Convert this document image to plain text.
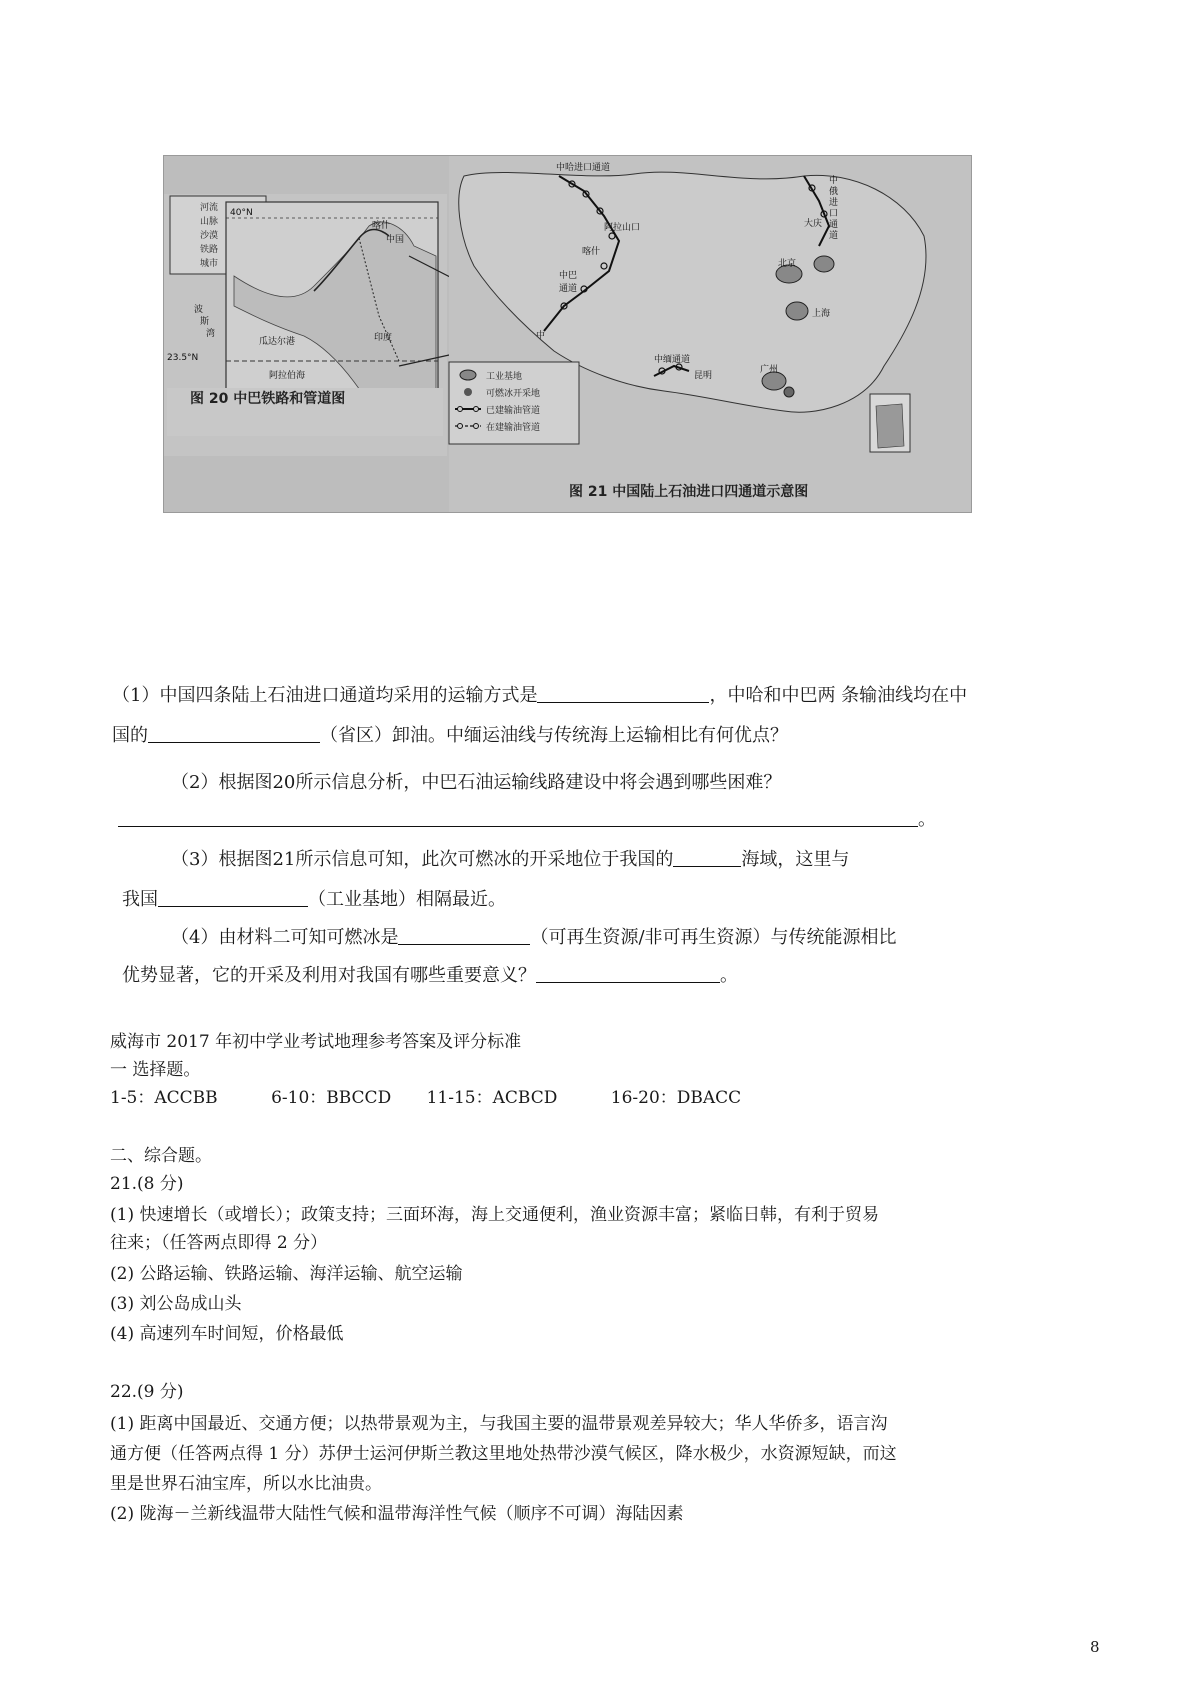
河流
山脉
沙漠
铁路
城市
40°N
喀什
中国
波
斯
湾
瓜达尔港	印度
23.5°N
阿拉伯海
图 20 中巴铁路和管道图
中哈进口通道
阿拉山口
喀什
中巴通道
中
中俄进口通道
大庆
北京
上海
中缅通道
昆明
广州
工业基地
可燃冰开采地
已建输油管道
在建输油管道
图 21 中国陆上石油进口四通道示意图
（1）中国四条陆上石油进口通道均采用的运输方式是	，中哈和中巴两 条输油线均在中
国的	（省区）卸油。中缅运油线与传统海上运输相比有何优点？
（2）根据图20所示信息分析，中巴石油运输线路建设中将会遇到哪些困难？
。
（3）根据图21所示信息可知，此次可燃冰的开采地位于我国的	海域，这里与
我国	（工业基地）相隔最近。
（4）由材料二可知可燃冰是	（可再生资源/非可再生资源）与传统能源相比
优势显著，它的开采及利用对我国有哪些重要意义？	。
威海市 2017 年初中学业考试地理参考答案及评分标准
一 选择题。
1-5：ACCBB	6-10：BBCCD 11-15：ACBCD	16-20：DBACC
二、综合题。
21.(8 分)
(1) 快速增长（或增长）；政策支持；三面环海，海上交通便利，渔业资源丰富；紧临日韩，有利于贸易
往来；（任答两点即得 2 分）
(2) 公路运输、铁路运输、海洋运输、航空运输
(3) 刘公岛成山头
(4) 高速列车时间短，价格最低
22.(9 分)
(1) 距离中国最近、交通方便；以热带景观为主，与我国主要的温带景观差异较大；华人华侨多，语言沟
通方便（任答两点得 1 分）苏伊士运河伊斯兰教这里地处热带沙漠气候区，降水极少，水资源短缺，而这
里是世界石油宝库，所以水比油贵。
(2) 陇海－兰新线温带大陆性气候和温带海洋性气候（顺序不可调）海陆因素
8
